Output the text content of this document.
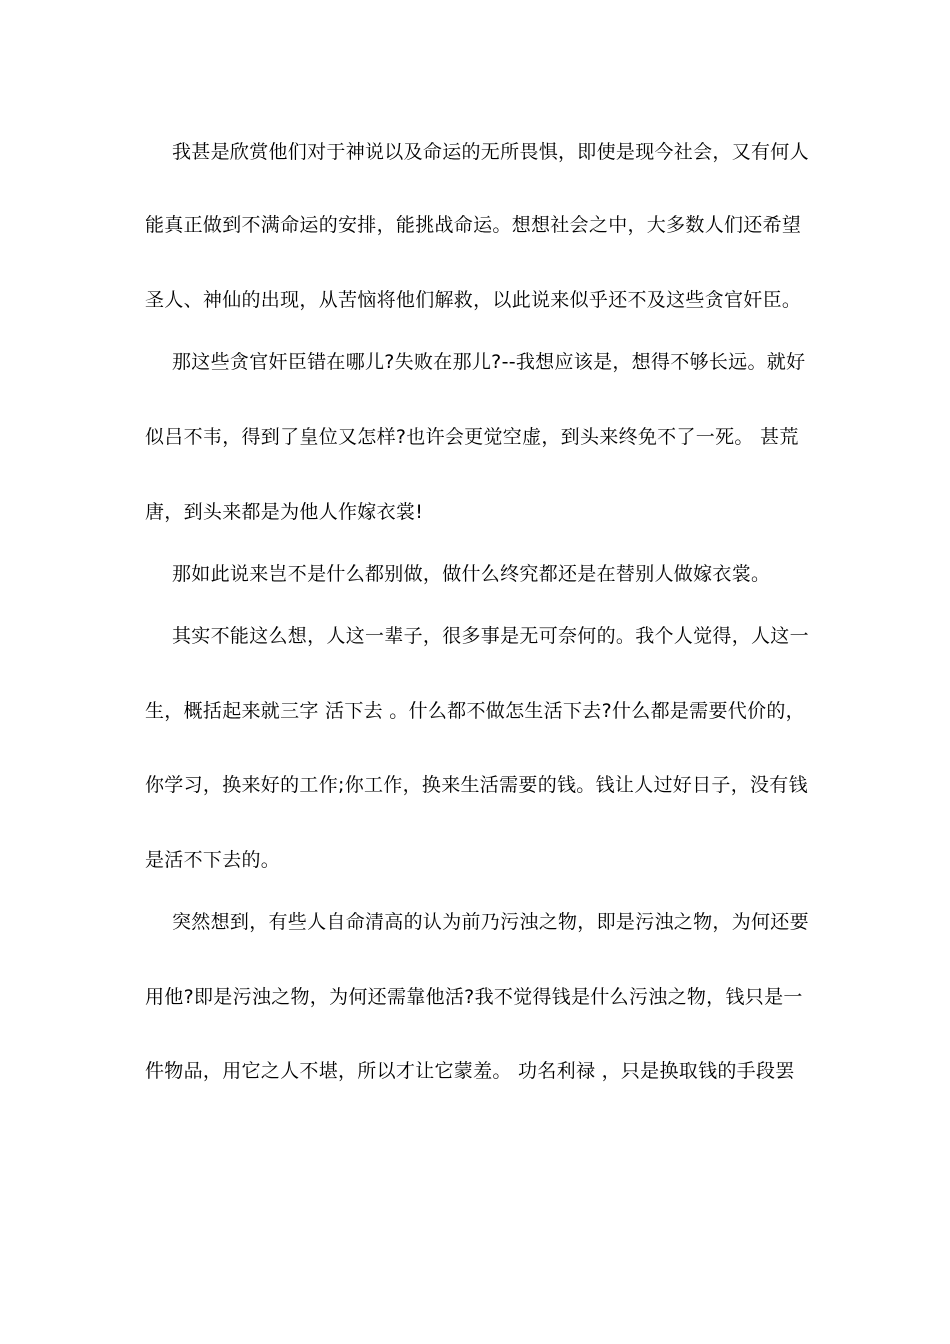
我甚是欣赏他们对于神说以及命运的无所畏惧，即使是现今社会，又有何人
能真正做到不满命运的安排，能挑战命运。想想社会之中，大多数人们还希望
圣人、神仙的出现，从苦恼将他们解救，以此说来似乎还不及这些贪官奸臣。
那这些贪官奸臣错在哪儿?失败在那儿?--我想应该是，想得不够长远。就好
似吕不韦，得到了皇位又怎样?也许会更觉空虚，到头来终免不了一死。 甚荒
唐，到头来都是为他人作嫁衣裳!
那如此说来岂不是什么都别做，做什么终究都还是在替别人做嫁衣裳。
其实不能这么想，人这一辈子，很多事是无可奈何的。我个人觉得，人这一
生，概括起来就三字 活下去 。什么都不做怎生活下去?什么都是需要代价的，
你学习，换来好的工作;你工作，换来生活需要的钱。钱让人过好日子，没有钱
是活不下去的。
突然想到，有些人自命清高的认为前乃污浊之物，即是污浊之物，为何还要
用他?即是污浊之物，为何还需靠他活?我不觉得钱是什么污浊之物，钱只是一
件物品，用它之人不堪，所以才让它蒙羞。 功名利禄 ，只是换取钱的手段罢
